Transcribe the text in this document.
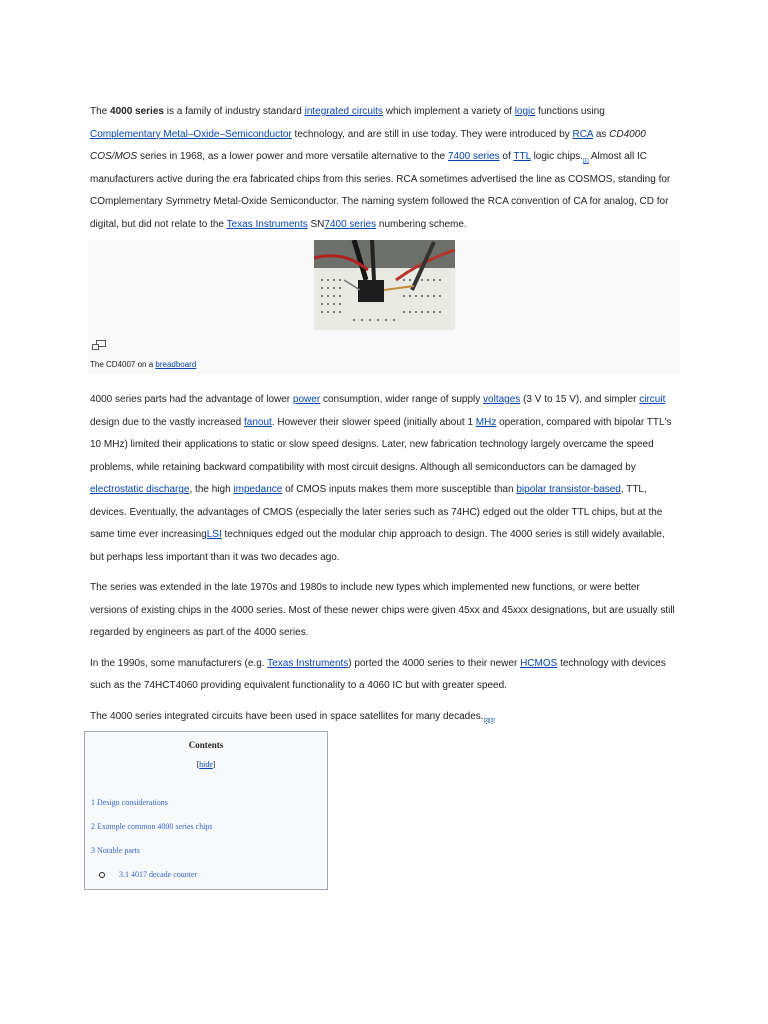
The 4000 series is a family of industry standard integrated circuits which implement a variety of logic functions using Complementary Metal–Oxide–Semiconductor technology, and are still in use today. They were introduced by RCA as CD4000 COS/MOS series in 1968, as a lower power and more versatile alternative to the 7400 series of TTL logic chips.[1] Almost all IC manufacturers active during the era fabricated chips from this series. RCA sometimes advertised the line as COSMOS, standing for COmplementary Symmetry Metal-Oxide Semiconductor. The naming system followed the RCA convention of CA for analog, CD for digital, but did not relate to the Texas Instruments SN7400 series numbering scheme.

The CD4007 on a breadboard

4000 series parts had the advantage of lower power consumption, wider range of supply voltages (3 V to 15 V), and simpler circuit design due to the vastly increased fanout. However their slower speed (initially about 1 MHz operation, compared with bipolar TTL's 10 MHz) limited their applications to static or slow speed designs. Later, new fabrication technology largely overcame the speed problems, while retaining backward compatibility with most circuit designs. Although all semiconductors can be damaged by electrostatic discharge, the high impedance of CMOS inputs makes them more susceptible than bipolar transistor-based, TTL, devices. Eventually, the advantages of CMOS (especially the later series such as 74HC) edged out the older TTL chips, but at the same time ever increasingLSI techniques edged out the modular chip approach to design. The 4000 series is still widely available, but perhaps less important than it was two decades ago.

The series was extended in the late 1970s and 1980s to include new types which implemented new functions, or were better versions of existing chips in the 4000 series. Most of these newer chips were given 45xx and 45xxx designations, but are usually still regarded by engineers as part of the 4000 series.

In the 1990s, some manufacturers (e.g. Texas Instruments) ported the 4000 series to their newer HCMOS technology with devices such as the 74HCT4060 providing equivalent functionality to a 4060 IC but with greater speed.

The 4000 series integrated circuits have been used in space satellites for many decades.[2][3]

Contents
[hide]
1 Design considerations
2 Example common 4000 series chips
3 Notable parts
3.1 4017 decade counter
